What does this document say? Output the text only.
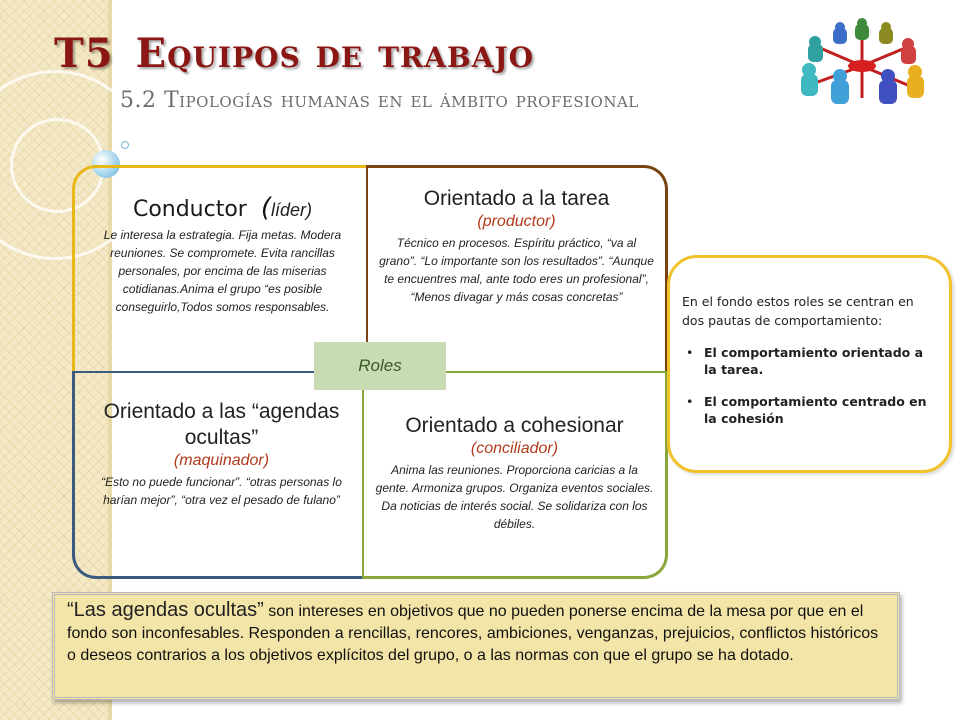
T5 Equipos de trabajo
5.2 Tipologías humanas en el ámbito profesional
Conductor (líder)
Le interesa la estrategia. Fija metas. Modera reuniones. Se compromete. Evita rancillas personales, por encima de las miserias cotidianas.Anima el grupo “es posible conseguirlo,Todos somos responsables.
Orientado a la tarea
(productor)
Técnico en procesos. Espíritu práctico, “va al grano”. “Lo importante son los resultados”. “Aunque te encuentres mal, ante todo eres un profesional”, “Menos divagar y más cosas concretas”
Orientado a las “agendas ocultas”
(maquinador)
“Esto no puede funcionar”. “otras personas lo harían mejor”, “otra vez el pesado de fulano”
Orientado a cohesionar
(conciliador)
Anima las reuniones. Proporciona caricias a la gente. Armoniza grupos. Organiza eventos sociales. Da noticias de interés social. Se solidariza con los débiles.
Roles
En el fondo estos roles se centran en dos pautas de comportamiento:
• El comportamiento orientado a la tarea.
• El comportamiento centrado en la cohesión
“Las agendas ocultas” son intereses en objetivos que no pueden ponerse encima de la mesa por que en el fondo son inconfesables. Responden a rencillas, rencores, ambiciones, venganzas, prejuicios, conflictos históricos o deseos contrarios a los objetivos explícitos del grupo, o a las normas con que el grupo se ha dotado.
